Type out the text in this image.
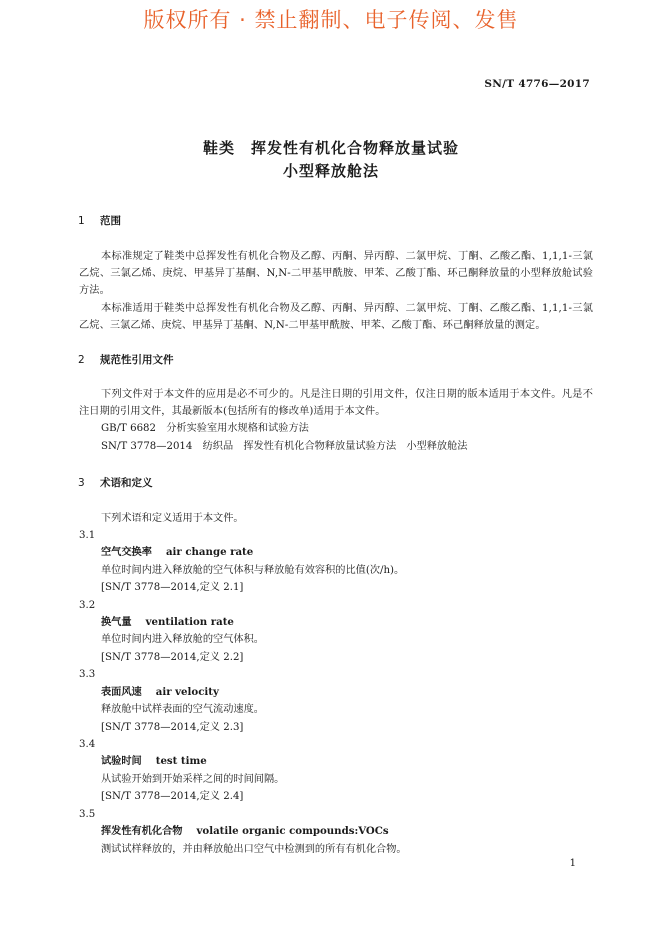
版权所有 · 禁止翻制、电子传阅、发售
SN/T 4776—2017
鞋类　挥发性有机化合物释放量试验
小型释放舱法
1 范围
本标准规定了鞋类中总挥发性有机化合物及乙醇、丙酮、异丙醇、二氯甲烷、丁酮、乙酸乙酯、1,1,1-三氯乙烷、三氯乙烯、庚烷、甲基异丁基酮、N,N-二甲基甲酰胺、甲苯、乙酸丁酯、环己酮释放量的小型释放舱试验方法。
本标准适用于鞋类中总挥发性有机化合物及乙醇、丙酮、异丙醇、二氯甲烷、丁酮、乙酸乙酯、1,1,1-三氯乙烷、三氯乙烯、庚烷、甲基异丁基酮、N,N-二甲基甲酰胺、甲苯、乙酸丁酯、环己酮释放量的测定。
2 规范性引用文件
下列文件对于本文件的应用是必不可少的。凡是注日期的引用文件，仅注日期的版本适用于本文件。凡是不注日期的引用文件，其最新版本(包括所有的修改单)适用于本文件。
GB/T 6682　分析实验室用水规格和试验方法
SN/T 3778—2014　纺织品　挥发性有机化合物释放量试验方法　小型释放舱法
3 术语和定义
下列术语和定义适用于本文件。
3.1
空气交换率 air change rate
单位时间内进入释放舱的空气体积与释放舱有效容积的比值(次/h)。
[SN/T 3778—2014,定义 2.1]
3.2
换气量 ventilation rate
单位时间内进入释放舱的空气体积。
[SN/T 3778—2014,定义 2.2]
3.3
表面风速 air velocity
释放舱中试样表面的空气流动速度。
[SN/T 3778—2014,定义 2.3]
3.4
试验时间 test time
从试验开始到开始采样之间的时间间隔。
[SN/T 3778—2014,定义 2.4]
3.5
挥发性有机化合物 volatile organic compounds:VOCs
测试试样释放的，并由释放舱出口空气中检测到的所有有机化合物。
1
